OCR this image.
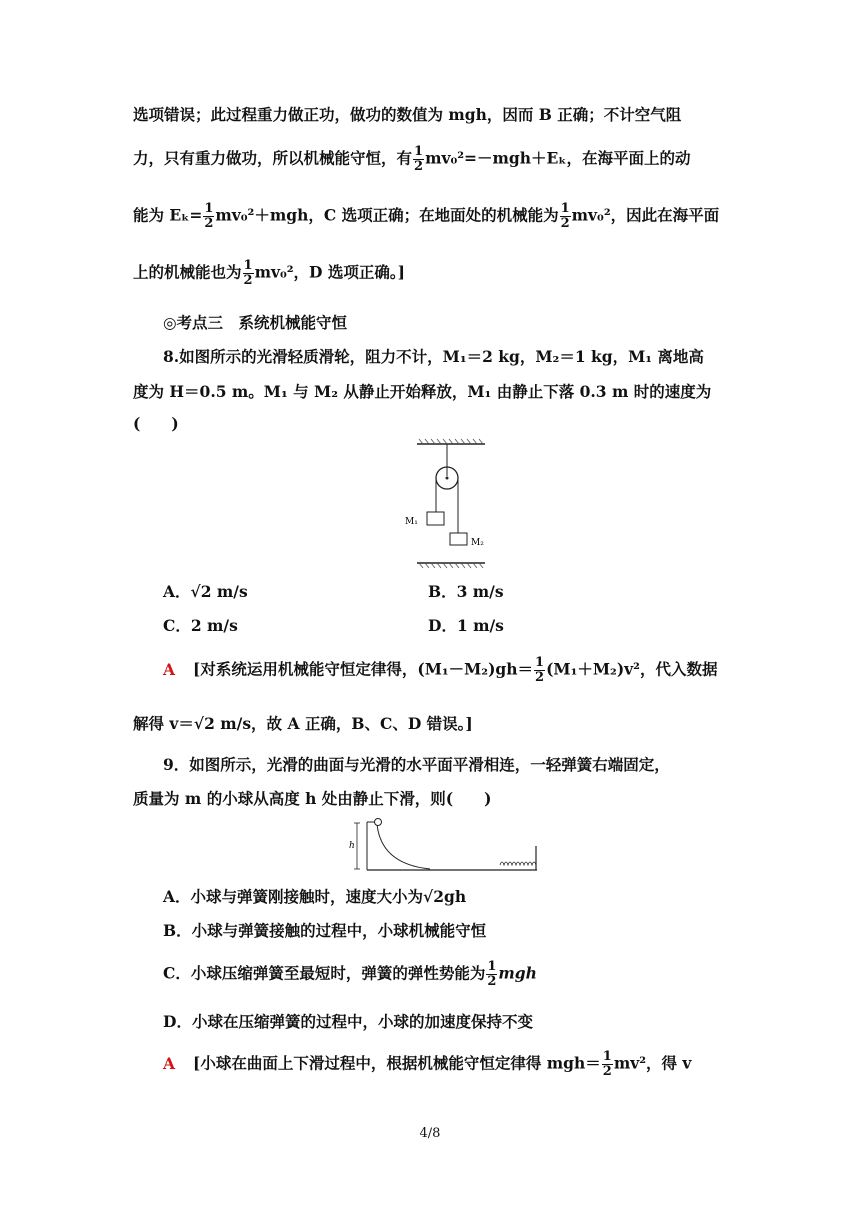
选项错误；此过程重力做正功，做功的数值为 mgh，因而 B 正确；不计空气阻
力，只有重力做功，所以机械能守恒，有 $\frac{1}{2} mv_0^2=-mgh+E_k$，在海平面上的动
能为 $E_k= \frac{1}{2} mv_0^2+mgh$，C 选项正确；在地面处的机械能为 $\frac{1}{2} mv_0^2$，因此在海平面
上的机械能也为 $\frac{1}{2} mv_0^2$，D 选项正确。]
◎考点三　系统机械能守恒
8.如图所示的光滑轻质滑轮，阻力不计，M₁＝2 kg，M₂＝1 kg，M₁ 离地高
度为 H＝0.5 m。M₁ 与 M₂ 从静止开始释放，M₁ 由静止下落 0.3 m 时的速度为
(　　)
M₁
M₂
A．√2 m/s	B．3 m/s
C．2 m/s	D．1 m/s
A [对系统运用机械能守恒定律得，$(M_1-M_2)gh= \frac{1}{2} (M_1+M_2)v^2$，代入数据
解得 v＝√2 m/s，故 A 正确，B、C、D 错误。]
9．如图所示，光滑的曲面与光滑的水平面平滑相连，一轻弹簧右端固定，
质量为 m 的小球从高度 h 处由静止下滑，则(　　)
h
A．小球与弹簧刚接触时，速度大小为√2gh
B．小球与弹簧接触的过程中，小球机械能守恒
C．小球压缩弹簧至最短时，弹簧的弹性势能为 $\frac{1}{2}$ mgh
D．小球在压缩弹簧的过程中，小球的加速度保持不变
A [小球在曲面上下滑过程中，根据机械能守恒定律得 $mgh= \frac{1}{2} mv^2$，得 v
4/8
